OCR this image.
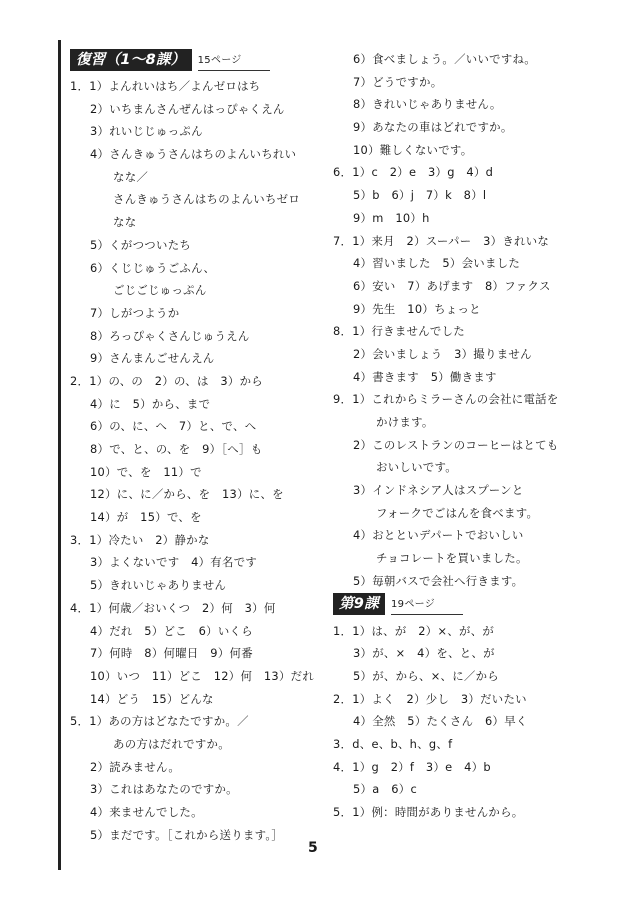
復習（1〜8課） 15ページ
1．1）よんれいはち／よんゼロはち
2）いちまんさんぜんはっぴゃくえん
3）れいじじゅっぷん
4）さんきゅうさんはちのよんいちれい
なな／
さんきゅうさんはちのよんいちゼロ
なな
5）くがつついたち
6）くじじゅうごふん、
ごじごじゅっぷん
7）しがつようか
8）ろっぴゃくさんじゅうえん
9）さんまんごせんえん
2．1）の、の　2）の、は　3）から
4）に　5）から、まで
6）の、に、へ　7）と、で、へ
8）で、と、の、を　9）［へ］も
10）で、を　11）で
12）に、に／から、を　13）に、を
14）が　15）で、を
3．1）冷たい　2）静かな
3）よくないです　4）有名です
5）きれいじゃありません
4．1）何歳／おいくつ　2）何　3）何
4）だれ　5）どこ　6）いくら
7）何時　8）何曜日　9）何番
10）いつ　11）どこ　12）何　13）だれ
14）どう　15）どんな
5．1）あの方はどなたですか。／
あの方はだれですか。
2）読みません。
3）これはあなたのですか。
4）来ませんでした。
5）まだです。［これから送ります。］
6）食べましょう。／いいですね。
7）どうですか。
8）きれいじゃありません。
9）あなたの車はどれですか。
10）難しくないです。
6．1）c　2）e　3）g　4）d
5）b　6）j　7）k　8）l
9）m　10）h
7．1）来月　2）スーパー　3）きれいな
4）習いました　5）会いました
6）安い　7）あげます　8）ファクス
9）先生　10）ちょっと
8．1）行きませんでした
2）会いましょう　3）撮りません
4）書きます　5）働きます
9．1）これからミラーさんの会社に電話を
かけます。
2）このレストランのコーヒーはとても
おいしいです。
3）インドネシア人はスプーンと
フォークでごはんを食べます。
4）おとといデパートでおいしい
チョコレートを買いました。
5）毎朝バスで会社へ行きます。
第9課 19ページ
1．1）は、が　2）×、が、が
3）が、×　4）を、と、が
5）が、から、×、に／から
2．1）よく　2）少し　3）だいたい
4）全然　5）たくさん　6）早く
3．d、e、b、h、g、f
4．1）g　2）f　3）e　4）b
5）a　6）c
5．1）例：時間がありませんから。
5
